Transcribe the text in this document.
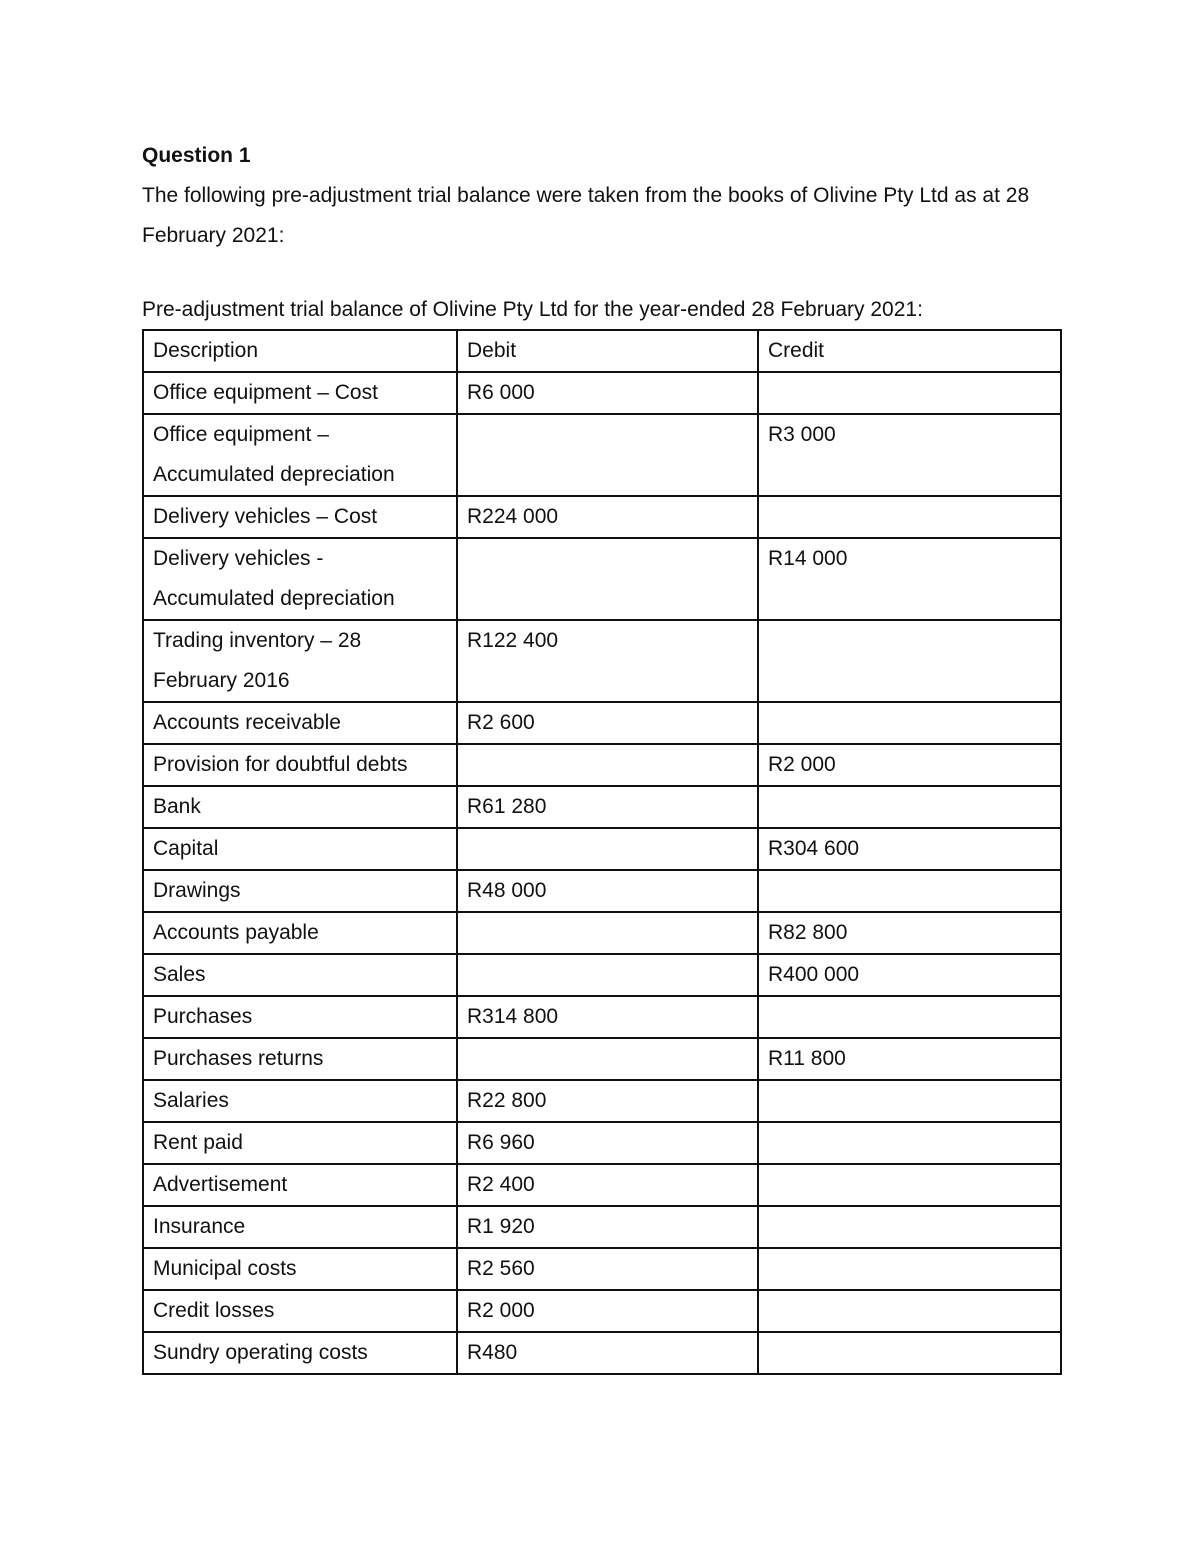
Question 1

The following pre-adjustment trial balance were taken from the books of Olivine Pty Ltd as at 28 February 2021:

Pre-adjustment trial balance of Olivine Pty Ltd for the year-ended 28 February 2021:

Description	Debit	Credit
Office equipment – Cost	R6 000	
Office equipment – Accumulated depreciation		R3 000
Delivery vehicles – Cost	R224 000	
Delivery vehicles - Accumulated depreciation		R14 000
Trading inventory – 28 February 2016	R122 400	
Accounts receivable	R2 600	
Provision for doubtful debts		R2 000
Bank	R61 280	
Capital		R304 600
Drawings	R48 000	
Accounts payable		R82 800
Sales		R400 000
Purchases	R314 800	
Purchases returns		R11 800
Salaries	R22 800	
Rent paid	R6 960	
Advertisement	R2 400	
Insurance	R1 920	
Municipal costs	R2 560	
Credit losses	R2 000	
Sundry operating costs	R480	
